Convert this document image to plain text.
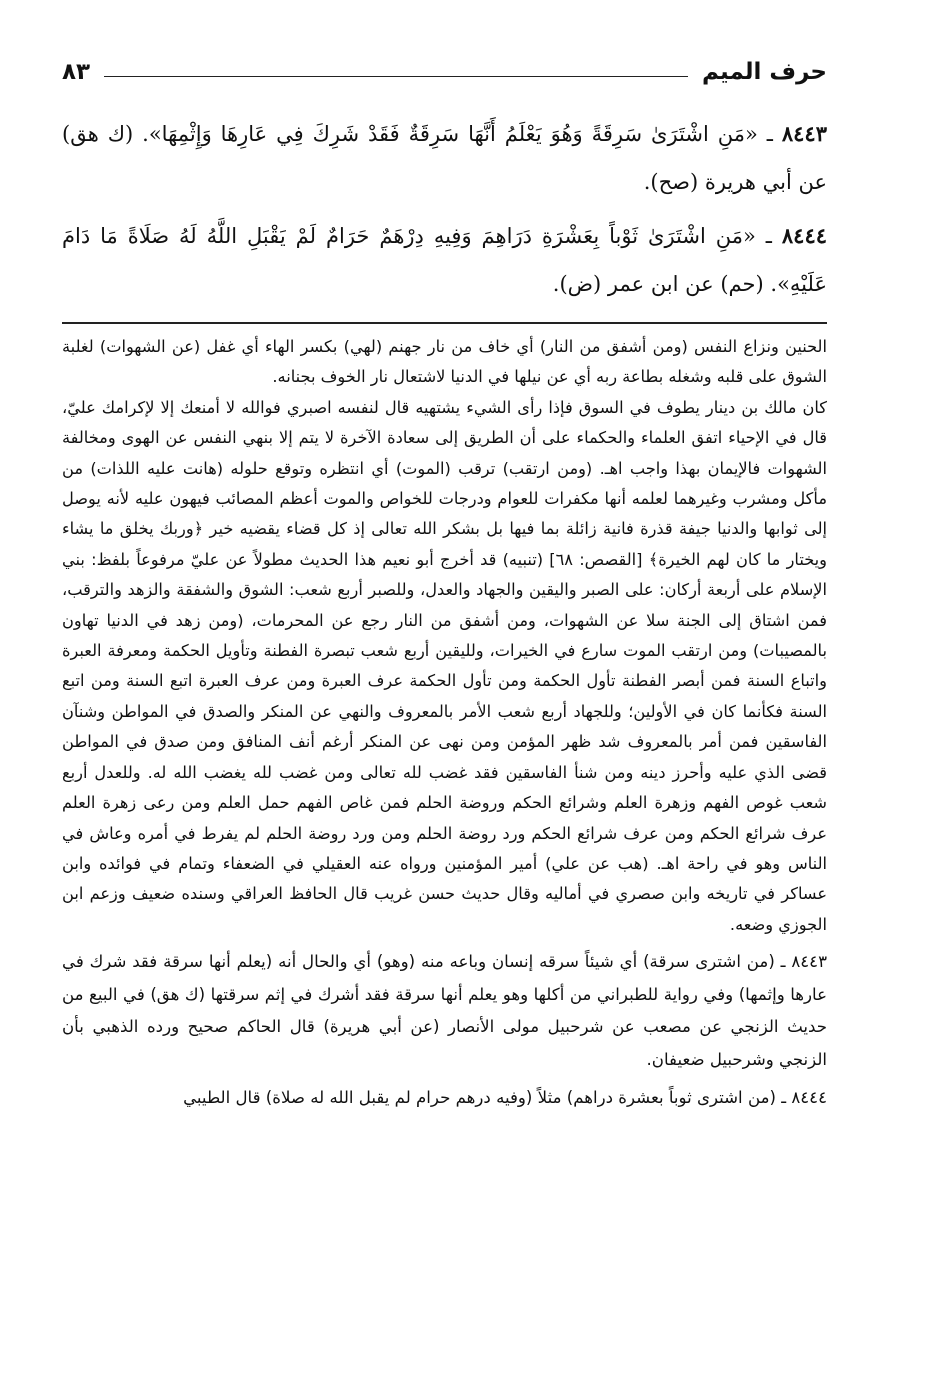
حرف الميم
٨٣

٨٤٤٣ ـ «مَنِ اشْتَرَىٰ سَرِقَةً وَهُوَ يَعْلَمُ أَنَّهَا سَرِقَةٌ فَقَدْ شَرِكَ فِي عَارِهَا وَإِثْمِهَا». (ك هق) عن أبي هريرة (صح).

٨٤٤٤ ـ «مَنِ اشْتَرَىٰ ثَوْباً بِعَشْرَةِ دَرَاهِمَ وَفِيهِ دِرْهَمٌ حَرَامٌ لَمْ يَقْبَلِ اللَّهُ لَهُ صَلَاةً مَا دَامَ عَلَيْهِ». (حم) عن ابن عمر (ض).

الحنين ونزاع النفس (ومن أشفق من النار) أي خاف من نار جهنم (لهي) بكسر الهاء أي غفل (عن الشهوات) لغلبة الشوق على قلبه وشغله بطاعة ربه أي عن نيلها في الدنيا لاشتعال نار الخوف بجنانه.

كان مالك بن دينار يطوف في السوق فإذا رأى الشيء يشتهيه قال لنفسه اصبري فوالله لا أمنعك إلا لإكرامك عليّ، قال في الإحياء اتفق العلماء والحكماء على أن الطريق إلى سعادة الآخرة لا يتم إلا بنهي النفس عن الهوى ومخالفة الشهوات فالإيمان بهذا واجب اهـ. (ومن ارتقب) ترقب (الموت) أي انتظره وتوقع حلوله (هانت عليه اللذات) من مأكل ومشرب وغيرهما لعلمه أنها مكفرات للعوام ودرجات للخواص والموت أعظم المصائب فيهون عليه لأنه يوصل إلى ثوابها والدنيا جيفة قذرة فانية زائلة بما فيها بل بشكر الله تعالى إذ كل قضاء يقضيه خير ﴿وربك يخلق ما يشاء ويختار ما كان لهم الخيرة﴾ [القصص: ٦٨] (تنبيه) قد أخرج أبو نعيم هذا الحديث مطولاً عن عليّ مرفوعاً بلفظ: بني الإسلام على أربعة أركان: على الصبر واليقين والجهاد والعدل، وللصبر أربع شعب: الشوق والشفقة والزهد والترقب، فمن اشتاق إلى الجنة سلا عن الشهوات، ومن أشفق من النار رجع عن المحرمات، (ومن زهد في الدنيا تهاون بالمصيبات) ومن ارتقب الموت سارع في الخيرات، ولليقين أربع شعب تبصرة الفطنة وتأويل الحكمة ومعرفة العبرة واتباع السنة فمن أبصر الفطنة تأول الحكمة ومن تأول الحكمة عرف العبرة ومن عرف العبرة اتبع السنة ومن اتبع السنة فكأنما كان في الأولين؛ وللجهاد أربع شعب الأمر بالمعروف والنهي عن المنكر والصدق في المواطن وشنآن الفاسقين فمن أمر بالمعروف شد ظهر المؤمن ومن نهى عن المنكر أرغم أنف المنافق ومن صدق في المواطن قضى الذي عليه وأحرز دينه ومن شنأ الفاسقين فقد غضب لله تعالى ومن غضب لله يغضب الله له. وللعدل أربع شعب غوص الفهم وزهرة العلم وشرائع الحكم وروضة الحلم فمن غاص الفهم حمل العلم ومن رعى زهرة العلم عرف شرائع الحكم ومن عرف شرائع الحكم ورد روضة الحلم ومن ورد روضة الحلم لم يفرط في أمره وعاش في الناس وهو في راحة اهـ. (هب عن علي) أمير المؤمنين ورواه عنه العقيلي في الضعفاء وتمام في فوائده وابن عساكر في تاريخه وابن صصري في أماليه وقال حديث حسن غريب قال الحافظ العراقي وسنده ضعيف وزعم ابن الجوزي وضعه.

٨٤٤٣ ـ (من اشترى سرقة) أي شيئاً سرقه إنسان وباعه منه (وهو) أي والحال أنه (يعلم أنها سرقة فقد شرك في عارها وإثمها) وفي رواية للطبراني من أكلها وهو يعلم أنها سرقة فقد أشرك في إثم سرقتها (ك هق) في البيع من حديث الزنجي عن مصعب عن شرحبيل مولى الأنصار (عن أبي هريرة) قال الحاكم صحيح ورده الذهبي بأن الزنجي وشرحبيل ضعيفان.

٨٤٤٤ ـ (من اشترى ثوباً بعشرة دراهم) مثلاً (وفيه درهم حرام لم يقبل الله له صلاة) قال الطيبي
